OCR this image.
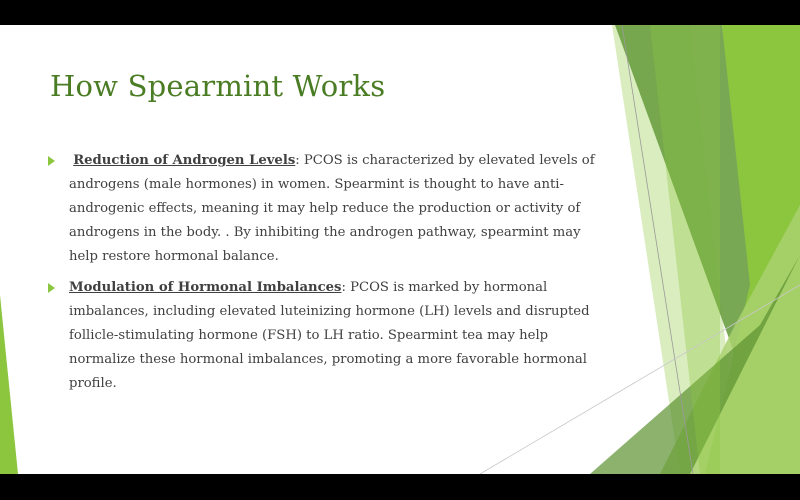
How Spearmint Works
Reduction of Androgen Levels: PCOS is characterized by elevated levels of androgens (male hormones) in women. Spearmint is thought to have anti-androgenic effects, meaning it may help reduce the production or activity of androgens in the body. . By inhibiting the androgen pathway, spearmint may help restore hormonal balance.
Modulation of Hormonal Imbalances: PCOS is marked by hormonal imbalances, including elevated luteinizing hormone (LH) levels and disrupted follicle-stimulating hormone (FSH) to LH ratio. Spearmint tea may help normalize these hormonal imbalances, promoting a more favorable hormonal profile.
